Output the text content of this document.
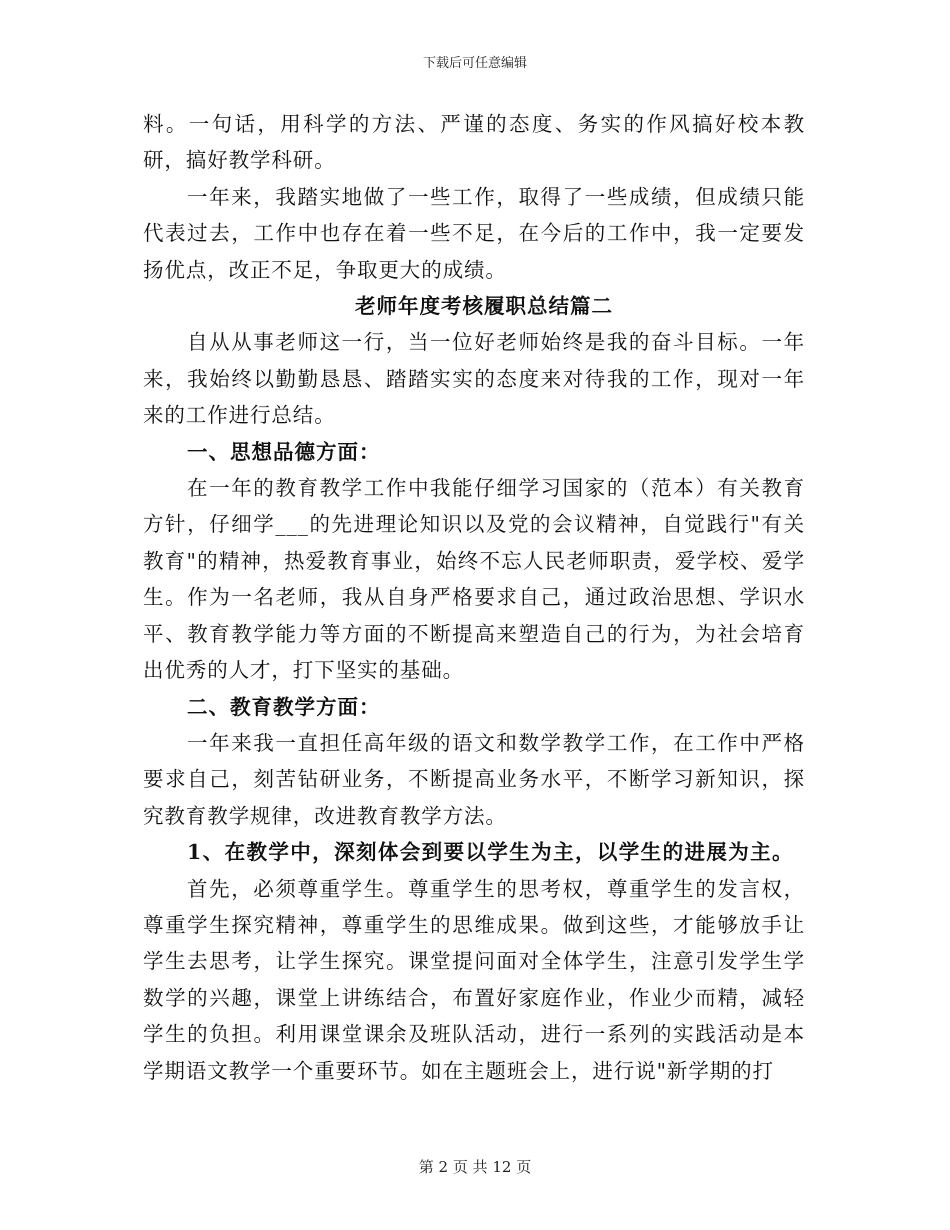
下载后可任意编辑

料。一句话，用科学的方法、严谨的态度、务实的作风搞好校本教研，搞好教学科研。

一年来，我踏实地做了一些工作，取得了一些成绩，但成绩只能代表过去，工作中也存在着一些不足，在今后的工作中，我一定要发扬优点，改正不足，争取更大的成绩。

老师年度考核履职总结篇二

自从从事老师这一行，当一位好老师始终是我的奋斗目标。一年来，我始终以勤勤恳恳、踏踏实实的态度来对待我的工作，现对一年来的工作进行总结。

一、思想品德方面：

在一年的教育教学工作中我能仔细学习国家的（范本）有关教育方针，仔细学___的先进理论知识以及党的会议精神，自觉践行"有关教育"的精神，热爱教育事业，始终不忘人民老师职责，爱学校、爱学生。作为一名老师，我从自身严格要求自己，通过政治思想、学识水平、教育教学能力等方面的不断提高来塑造自己的行为，为社会培育出优秀的人才，打下坚实的基础。

二、教育教学方面：

一年来我一直担任高年级的语文和数学教学工作，在工作中严格要求自己，刻苦钻研业务，不断提高业务水平，不断学习新知识，探究教育教学规律，改进教育教学方法。

1、在教学中，深刻体会到要以学生为主，以学生的进展为主。

首先，必须尊重学生。尊重学生的思考权，尊重学生的发言权，尊重学生探究精神，尊重学生的思维成果。做到这些，才能够放手让学生去思考，让学生探究。课堂提问面对全体学生，注意引发学生学数学的兴趣，课堂上讲练结合，布置好家庭作业，作业少而精，减轻学生的负担。利用课堂课余及班队活动，进行一系列的实践活动是本学期语文教学一个重要环节。如在主题班会上，进行说"新学期的打

第 2 页 共 12 页
